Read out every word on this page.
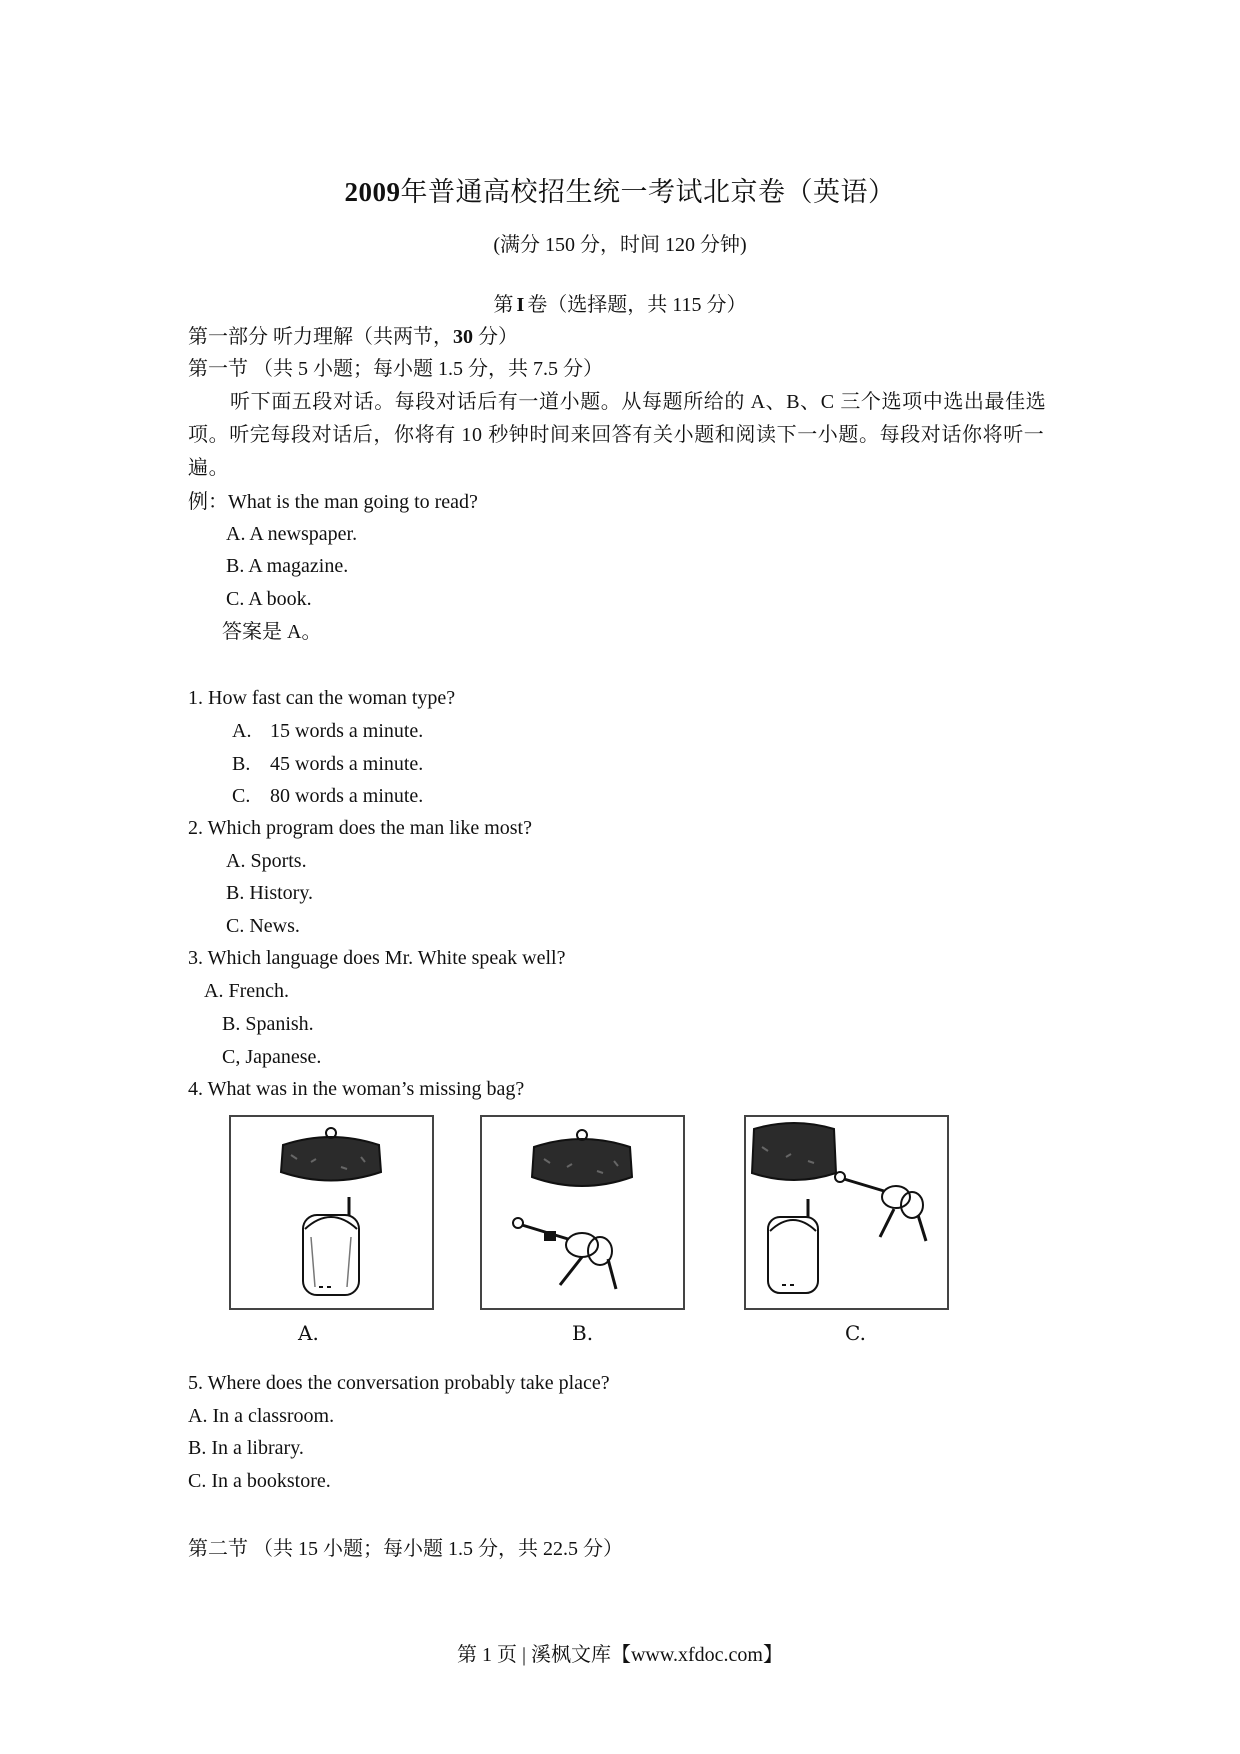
2009年普通高校招生统一考试北京卷（英语）
(满分 150 分，时间 120 分钟)
第 I 卷（选择题，共 115 分）
第一部分 听力理解（共两节，30 分）
第一节 （共 5 小题；每小题 1.5 分，共 7.5 分）
听下面五段对话。每段对话后有一道小题。从每题所给的 A、B、C 三个选项中选出最佳选项。听完每段对话后，你将有 10 秒钟时间来回答有关小题和阅读下一小题。每段对话你将听一遍。
例：What is the man going to read?
A. A newspaper.
B. A magazine.
C. A book.
答案是 A。
1. How fast can the woman type?
A. 15 words a minute.
B. 45 words a minute.
C. 80 words a minute.
2. Which program does the man like most?
A. Sports.
B. History.
C. News.
3. Which language does Mr. White speak well?
A. French.
B. Spanish.
C, Japanese.
4. What was in the woman’s missing bag?
A.	B.	C.
5. Where does the conversation probably take place?
A. In a classroom.
B. In a library.
C. In a bookstore.
第二节 （共 15 小题；每小题 1.5 分，共 22.5 分）
第 1 页 | 溪枫文库【www.xfdoc.com】
